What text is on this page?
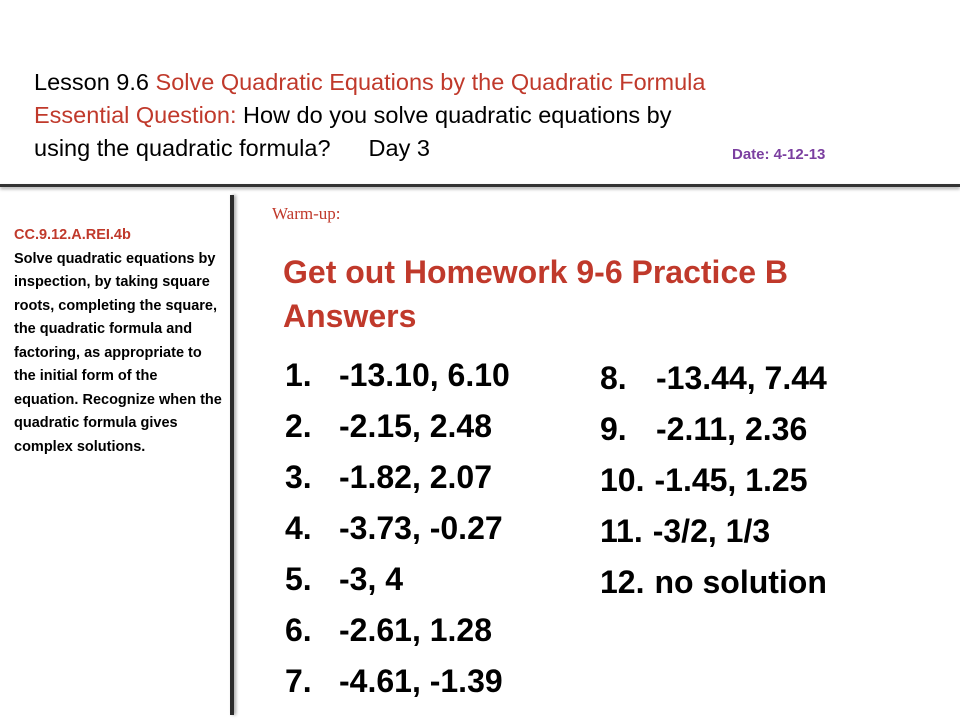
Lesson 9.6 Solve Quadratic Equations by the Quadratic Formula
Essential Question: How do you solve quadratic equations by
using the quadratic formula? Day 3	Date: 4-12-13
CC.9.12.A.REI.4b
Solve quadratic equations by inspection, by taking square roots, completing the square, the quadratic formula and factoring, as appropriate to the initial form of the equation. Recognize when the quadratic formula gives complex solutions.
Warm-up:
Get out Homework 9-6 Practice B
Answers
1. -13.10, 6.10
2. -2.15, 2.48
3. -1.82, 2.07
4. -3.73, -0.27
5. -3, 4
6. -2.61, 1.28
7. -4.61, -1.39
8. -13.44, 7.44
9. -2.11, 2.36
10. -1.45, 1.25
11. -3/2, 1/3
12. no solution
